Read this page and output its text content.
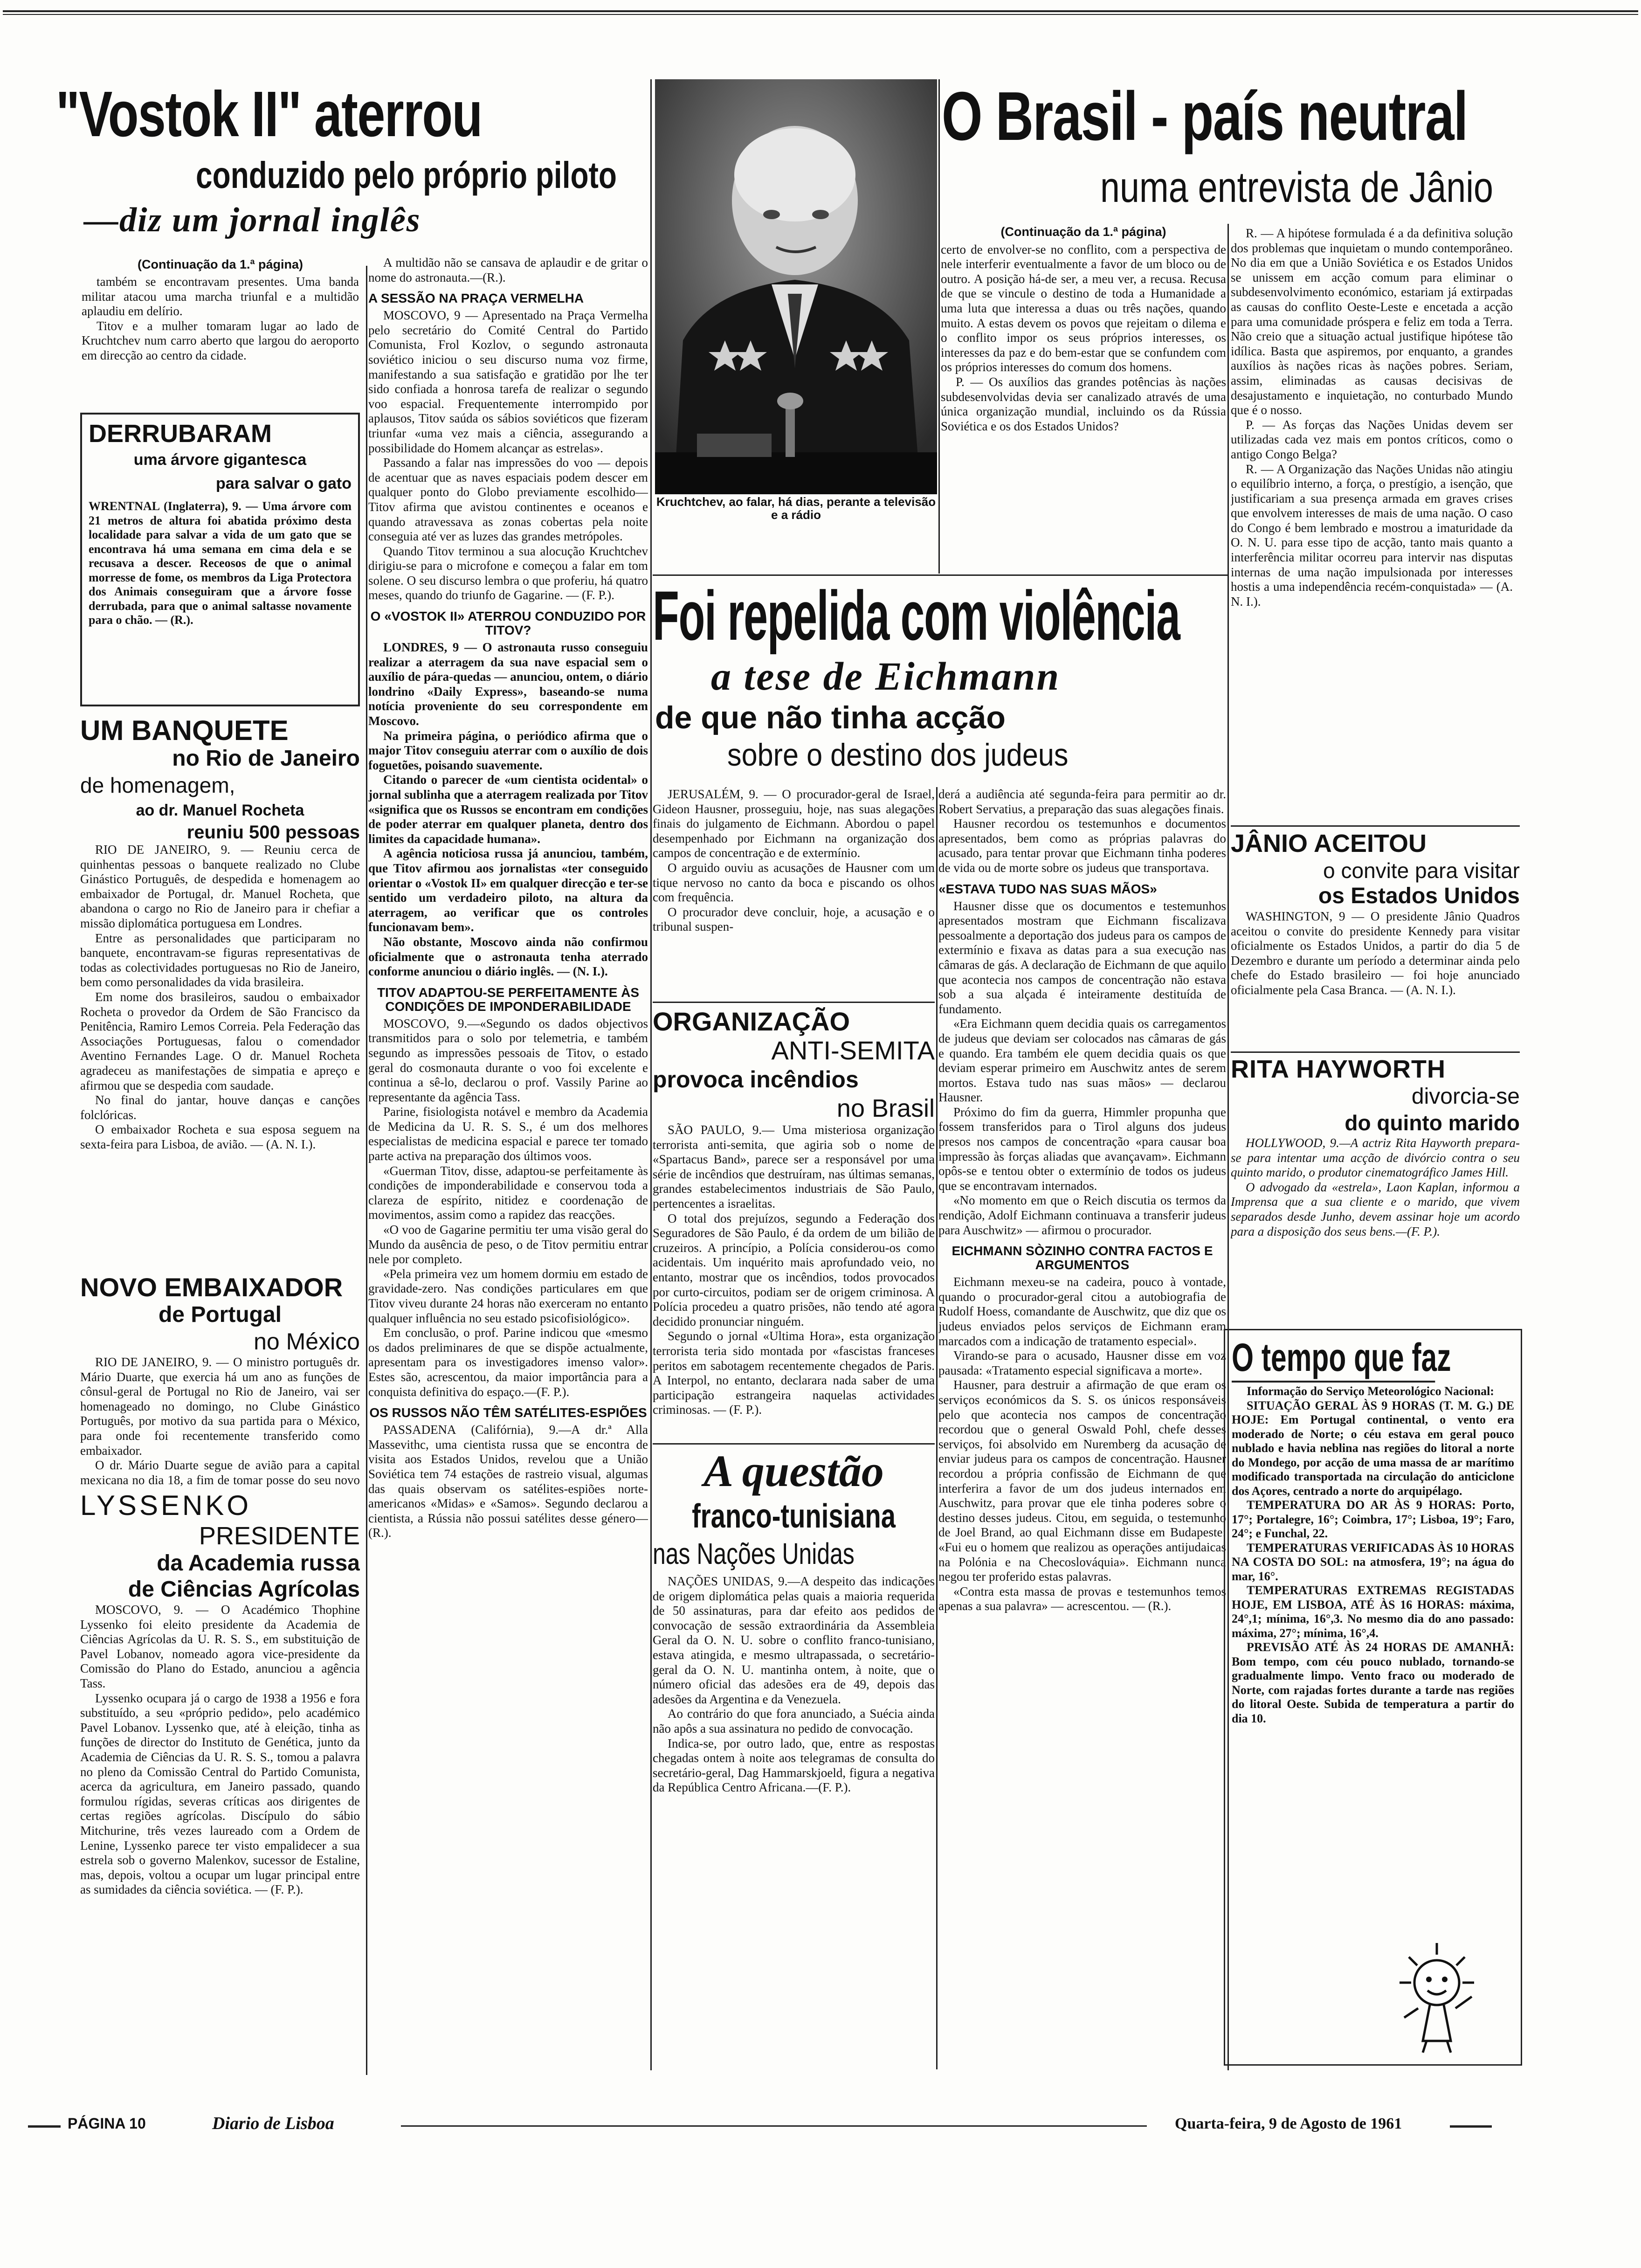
"Vostok II" aterrou
conduzido pelo próprio piloto
—diz um jornal inglês
(Continuação da 1.ª página)

também se encontravam presentes. Uma banda militar atacou uma marcha triunfal e a multidão aplaudiu em delírio.

Titov e a mulher tomaram lugar ao lado de Kruchtchev num carro aberto que largou do aeroporto em direcção ao centro da cidade.

DERRUBARAM
uma árvore gigantesca
para salvar o gato
WRENTNAL (Inglaterra), 9. — Uma árvore com 21 metros de altura foi abatida próximo desta localidade para salvar a vida de um gato que se encontrava há uma semana em cima dela e se recusava a descer. Receosos de que o animal morresse de fome, os membros da Liga Protectora dos Animais conseguiram que a árvore fosse derrubada, para que o animal saltasse novamente para o chão. — (R.).
UM BANQUETE
no Rio de Janeiro
de homenagem,
ao dr. Manuel Rocheta
reuniu 500 pessoas

RIO DE JANEIRO, 9. — Reuniu cerca de quinhentas pessoas o banquete realizado no Clube Ginástico Português, de despedida e homenagem ao embaixador de Portugal, dr. Manuel Rocheta, que abandona o cargo no Rio de Janeiro para ir chefiar a missão diplomática portuguesa em Londres.

Entre as personalidades que participaram no banquete, encontravam-se figuras representativas de todas as colectividades portuguesas no Rio de Janeiro, bem como personalidades da vida brasileira.

Em nome dos brasileiros, saudou o embaixador Rocheta o provedor da Ordem de São Francisco da Penitência, Ramiro Lemos Correia. Pela Federação das Associações Portuguesas, falou o comendador Aventino Fernandes Lage. O dr. Manuel Rocheta agradeceu as manifestações de simpatia e apreço e afirmou que se despedia com saudade.

No final do jantar, houve danças e canções folclóricas.

O embaixador Rocheta e sua esposa seguem na sexta-feira para Lisboa, de avião. — (A. N. I.).

NOVO EMBAIXADOR
de Portugal
no México

RIO DE JANEIRO, 9. — O ministro português dr. Mário Duarte, que exercia há um ano as funções de cônsul-geral de Portugal no Rio de Janeiro, vai ser homenageado no domingo, no Clube Ginástico Português, por motivo da sua partida para o México, para onde foi recentemente transferido como embaixador.

O dr. Mário Duarte segue de avião para a capital mexicana no dia 18, a fim de tomar posse do seu novo

LYSSENKO
PRESIDENTE
da Academia russa
de Ciências Agrícolas

MOSCOVO, 9. — O Académico Thophine Lyssenko foi eleito presidente da Academia de Ciências Agrícolas da U. R. S. S., em substituição de Pavel Lobanov, nomeado agora vice-presidente da Comissão do Plano do Estado, anunciou a agência Tass.

Lyssenko ocupara já o cargo de 1938 a 1956 e fora substituído, a seu «próprio pedido», pelo académico Pavel Lobanov. Lyssenko que, até à eleição, tinha as funções de director do Instituto de Genética, junto da Academia de Ciências da U. R. S. S., tomou a palavra no pleno da Comissão Central do Partido Comunista, acerca da agricultura, em Janeiro passado, quando formulou rígidas, severas críticas aos dirigentes de certas regiões agrícolas. Discípulo do sábio Mitchurine, três vezes laureado com a Ordem de Lenine, Lyssenko parece ter visto empalidecer a sua estrela sob o governo Malenkov, sucessor de Estaline, mas, depois, voltou a ocupar um lugar principal entre as sumidades da ciência soviética. — (F. P.).

A multidão não se cansava de aplaudir e de gritar o nome do astronauta.—(R.).

A SESSÃO NA PRAÇA VERMELHA

MOSCOVO, 9 — Apresentado na Praça Vermelha pelo secretário do Comité Central do Partido Comunista, Frol Kozlov, o segundo astronauta soviético iniciou o seu discurso numa voz firme, manifestando a sua satisfação e gratidão por lhe ter sido confiada a honrosa tarefa de realizar o segundo voo espacial. Frequentemente interrompido por aplausos, Titov saúda os sábios soviéticos que fizeram triunfar «uma vez mais a ciência, assegurando a possibilidade do Homem alcançar as estrelas».

Passando a falar nas impressões do voo — depois de acentuar que as naves espaciais podem descer em qualquer ponto do Globo previamente escolhido—Titov afirma que avistou continentes e oceanos e quando atravessava as zonas cobertas pela noite conseguia até ver as luzes das grandes metrópoles.

Quando Titov terminou a sua alocução Kruchtchev dirigiu-se para o microfone e começou a falar em tom solene. O seu discurso lembra o que proferiu, há quatro meses, quando do triunfo de Gagarine. — (F. P.).

O «VOSTOK II» ATERROU CONDUZIDO POR TITOV?

LONDRES, 9 — O astronauta russo conseguiu realizar a aterragem da sua nave espacial sem o auxílio de pára-quedas — anunciou, ontem, o diário londrino «Daily Express», baseando-se numa notícia proveniente do seu correspondente em Moscovo.

Na primeira página, o periódico afirma que o major Titov conseguiu aterrar com o auxílio de dois foguetões, poisando suavemente.

Citando o parecer de «um cientista ocidental» o jornal sublinha que a aterragem realizada por Titov «significa que os Russos se encontram em condições de poder aterrar em qualquer planeta, dentro dos limites da capacidade humana».

A agência noticiosa russa já anunciou, também, que Titov afirmou aos jornalistas «ter conseguido orientar o «Vostok II» em qualquer direcção e ter-se sentido um verdadeiro piloto, na altura da aterragem, ao verificar que os controles funcionavam bem».

Não obstante, Moscovo ainda não confirmou oficialmente que o astronauta tenha aterrado conforme anunciou o diário inglês. — (N. I.).

TITOV ADAPTOU-SE PERFEITAMENTE ÀS CONDIÇÕES DE IMPONDERABILIDADE

MOSCOVO, 9.—«Segundo os dados objectivos transmitidos para o solo por telemetria, e também segundo as impressões pessoais de Titov, o estado geral do cosmonauta durante o voo foi excelente e continua a sê-lo, declarou o prof. Vassily Parine ao representante da agência Tass.

Parine, fisiologista notável e membro da Academia de Medicina da U. R. S. S., é um dos melhores especialistas de medicina espacial e parece ter tomado parte activa na preparação dos últimos voos.

«Guerman Titov, disse, adaptou-se perfeitamente às condições de imponderabilidade e conservou toda a clareza de espírito, nitidez e coordenação de movimentos, assim como a rapidez das reacções.

«O voo de Gagarine permitiu ter uma visão geral do Mundo da ausência de peso, o de Titov permitiu entrar nele por completo.

«Pela primeira vez um homem dormiu em estado de gravidade-zero. Nas condições particulares em que Titov viveu durante 24 horas não exerceram no entanto qualquer influência no seu estado psicofisiológico».

Em conclusão, o prof. Parine indicou que «mesmo os dados preliminares de que se dispõe actualmente, apresentam para os investigadores imenso valor». Estes são, acrescentou, da maior importância para a conquista definitiva do espaço.—(F. P.).

OS RUSSOS NÃO TÊM SATÉLITES-ESPIÕES

PASSADENA (Califórnia), 9.—A dr.ª Alla Massevithc, uma cientista russa que se encontra de visita aos Estados Unidos, revelou que a União Soviética tem 74 estações de rastreio visual, algumas das quais observam os satélites-espiões norte-americanos «Midas» e «Samos». Segundo declarou a cientista, a Rússia não possui satélites desse género—(R.).

Kruchtchev, ao falar, há dias, perante a televisão e a rádio
O Brasil - país neutral
numa entrevista de Jânio
(Continuação da 1.ª página)

certo de envolver-se no conflito, com a perspectiva de nele interferir eventualmente a favor de um bloco ou de outro. A posição há-de ser, a meu ver, a recusa. Recusa de que se vincule o destino de toda a Humanidade a uma luta que interessa a duas ou três nações, quando muito. A estas devem os povos que rejeitam o dilema e o conflito impor os seus próprios interesses, os interesses da paz e do bem-estar que se confundem com os próprios interesses do comum dos homens.

P. — Os auxílios das grandes potências às nações subdesenvolvidas devia ser canalizado através de uma única organização mundial, incluindo os da Rússia Soviética e os dos Estados Unidos?

R. — A hipótese formulada é a da definitiva solução dos problemas que inquietam o mundo contemporâneo. No dia em que a União Soviética e os Estados Unidos se unissem em acção comum para eliminar o subdesenvolvimento económico, estariam já extirpadas as causas do conflito Oeste-Leste e encetada a acção para uma comunidade próspera e feliz em toda a Terra. Não creio que a situação actual justifique hipótese tão idílica. Basta que aspiremos, por enquanto, a grandes auxílios às nações ricas às nações pobres. Seriam, assim, eliminadas as causas decisivas de desajustamento e inquietação, no conturbado Mundo que é o nosso.

P. — As forças das Nações Unidas devem ser utilizadas cada vez mais em pontos críticos, como o antigo Congo Belga?

R. — A Organização das Nações Unidas não atingiu o equilíbrio interno, a força, o prestígio, a isenção, que justificariam a sua presença armada em graves crises que envolvem interesses de mais de uma nação. O caso do Congo é bem lembrado e mostrou a imaturidade da O. N. U. para esse tipo de acção, tanto mais quanto a interferência militar ocorreu para intervir nas disputas internas de uma nação impulsionada por interesses hostis a uma independência recém-conquistada» — (A. N. I.).

Foi repelida com violência
a tese de Eichmann
de que não tinha acção
sobre o destino dos judeus

JERUSALÉM, 9. — O procurador-geral de Israel, Gideon Hausner, prosseguiu, hoje, nas suas alegações finais do julgamento de Eichmann. Abordou o papel desempenhado por Eichmann na organização dos campos de concentração e de extermínio.

O arguido ouviu as acusações de Hausner com um tique nervoso no canto da boca e piscando os olhos com frequência.

O procurador deve concluir, hoje, a acusação e o tribunal suspen-

derá a audiência até segunda-feira para permitir ao dr. Robert Servatius, a preparação das suas alegações finais.

Hausner recordou os testemunhos e documentos apresentados, bem como as próprias palavras do acusado, para tentar provar que Eichmann tinha poderes de vida ou de morte sobre os judeus que transportava.

«ESTAVA TUDO NAS SUAS MÃOS»

Hausner disse que os documentos e testemunhos apresentados mostram que Eichmann fiscalizava pessoalmente a deportação dos judeus para os campos de extermínio e fixava as datas para a sua execução nas câmaras de gás. A declaração de Eichmann de que aquilo que acontecia nos campos de concentração não estava sob a sua alçada é inteiramente destituída de fundamento.

«Era Eichmann quem decidia quais os carregamentos de judeus que deviam ser colocados nas câmaras de gás e quando. Era também ele quem decidia quais os que deviam esperar primeiro em Auschwitz antes de serem mortos. Estava tudo nas suas mãos» — declarou Hausner.

Próximo do fim da guerra, Himmler propunha que fossem transferidos para o Tirol alguns dos judeus presos nos campos de concentração «para causar boa impressão às forças aliadas que avançavam». Eichmann opôs-se e tentou obter o extermínio de todos os judeus que se encontravam internados.

«No momento em que o Reich discutia os termos da rendição, Adolf Eichmann continuava a transferir judeus para Auschwitz» — afirmou o procurador.

EICHMANN SÒZINHO CONTRA FACTOS E ARGUMENTOS

Eichmann mexeu-se na cadeira, pouco à vontade, quando o procurador-geral citou a autobiografia de Rudolf Hoess, comandante de Auschwitz, que diz que os judeus enviados pelos serviços de Eichmann eram marcados com a indicação de tratamento especial».

Virando-se para o acusado, Hausner disse em voz pausada: «Tratamento especial significava a morte».

Hausner, para destruir a afirmação de que eram os serviços económicos da S. S. os únicos responsáveis pelo que acontecia nos campos de concentração recordou que o general Oswald Pohl, chefe desses serviços, foi absolvido em Nuremberg da acusação de enviar judeus para os campos de concentração. Hausner recordou a própria confissão de Eichmann de que interferira a favor de um dos judeus internados em Auschwitz, para provar que ele tinha poderes sobre o destino desses judeus. Citou, em seguida, o testemunho de Joel Brand, ao qual Eichmann disse em Budapeste: «Fui eu o homem que realizou as operações antijudaicas na Polónia e na Checoslováquia». Eichmann nunca negou ter proferido estas palavras.

«Contra esta massa de provas e testemunhos temos apenas a sua palavra» — acrescentou. — (R.).

ORGANIZAÇÃO
ANTI-SEMITA
provoca incêndios
no Brasil

SÃO PAULO, 9.— Uma misteriosa organização terrorista anti-semita, que agiria sob o nome de «Spartacus Band», parece ser a responsável por uma série de incêndios que destruíram, nas últimas semanas, grandes estabelecimentos industriais de São Paulo, pertencentes a israelitas.

O total dos prejuízos, segundo a Federação dos Seguradores de São Paulo, é da ordem de um bilião de cruzeiros. A princípio, a Polícia considerou-os como acidentais. Um inquérito mais aprofundado veio, no entanto, mostrar que os incêndios, todos provocados por curto-circuitos, podiam ser de origem criminosa. A Polícia procedeu a quatro prisões, não tendo até agora decidido pronunciar ninguém.

Segundo o jornal «Ultima Hora», esta organização terrorista teria sido montada por «fascistas franceses peritos em sabotagem recentemente chegados de Paris. A Interpol, no entanto, declarara nada saber de uma participação estrangeira naquelas actividades criminosas. — (F. P.).

A questão
franco-tunisiana
nas Nações Unidas

NAÇÕES UNIDAS, 9.—A despeito das indicações de origem diplomática pelas quais a maioria requerida de 50 assinaturas, para dar efeito aos pedidos de convocação de sessão extraordinária da Assembleia Geral da O. N. U. sobre o conflito franco-tunisiano, estava atingida, e mesmo ultrapassada, o secretário-geral da O. N. U. mantinha ontem, à noite, que o número oficial das adesões era de 49, depois das adesões da Argentina e da Venezuela.

Ao contrário do que fora anunciado, a Suécia ainda não apôs a sua assinatura no pedido de convocação.

Indica-se, por outro lado, que, entre as respostas chegadas ontem à noite aos telegramas de consulta do secretário-geral, Dag Hammarskjoeld, figura a negativa da República Centro Africana.—(F. P.).

JÂNIO ACEITOU
o convite para visitar
os Estados Unidos

WASHINGTON, 9 — O presidente Jânio Quadros aceitou o convite do presidente Kennedy para visitar oficialmente os Estados Unidos, a partir do dia 5 de Dezembro e durante um período a determinar ainda pelo chefe do Estado brasileiro — foi hoje anunciado oficialmente pela Casa Branca. — (A. N. I.).

RITA HAYWORTH
divorcia-se
do quinto marido

HOLLYWOOD, 9.—A actriz Rita Hayworth prepara-se para intentar uma acção de divórcio contra o seu quinto marido, o produtor cinematográfico James Hill.

O advogado da «estrela», Laon Kaplan, informou a Imprensa que a sua cliente e o marido, que vivem separados desde Junho, devem assinar hoje um acordo para a disposição dos seus bens.—(F. P.).

O tempo que faz

Informação do Serviço Meteorológico Nacional:

SITUAÇÃO GERAL ÀS 9 HORAS (T. M. G.) DE HOJE: Em Portugal continental, o vento era moderado de Norte; o céu estava em geral pouco nublado e havia neblina nas regiões do litoral a norte do Mondego, por acção de uma massa de ar marítimo modificado transportada na circulação do anticiclone dos Açores, centrado a norte do arquipélago.

TEMPERATURA DO AR ÀS 9 HORAS: Porto, 17°; Portalegre, 16°; Coimbra, 17°; Lisboa, 19°; Faro, 24°; e Funchal, 22.

TEMPERATURAS VERIFICADAS ÀS 10 HORAS NA COSTA DO SOL: na atmosfera, 19°; na água do mar, 16°.

TEMPERATURAS EXTREMAS REGISTADAS HOJE, EM LISBOA, ATÉ ÀS 16 HORAS: máxima, 24°,1; mínima, 16°,3. No mesmo dia do ano passado: máxima, 27°; mínima, 16°,4.

PREVISÃO ATÉ ÀS 24 HORAS DE AMANHÃ: Bom tempo, com céu pouco nublado, tornando-se gradualmente limpo. Vento fraco ou moderado de Norte, com rajadas fortes durante a tarde nas regiões do litoral Oeste. Subida de temperatura a partir do dia 10.

PÁGINA 10	Diario de Lisboa	Quarta-feira, 9 de Agosto de 1961
